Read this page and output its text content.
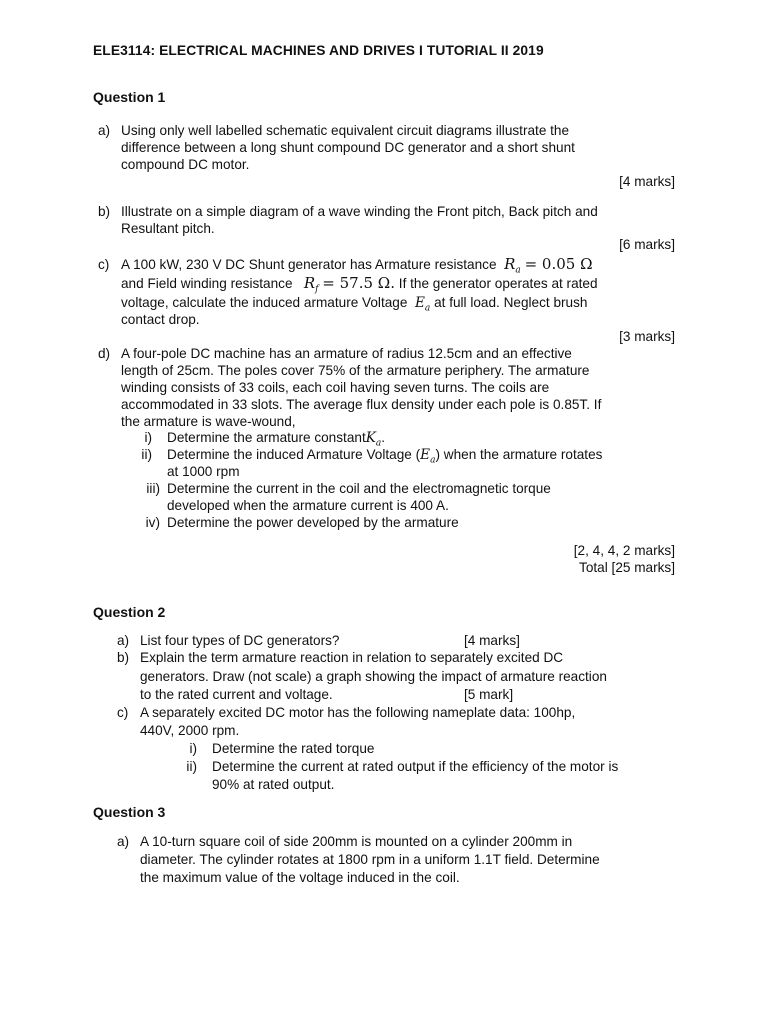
ELE3114: ELECTRICAL MACHINES AND DRIVES I TUTORIAL II 2019
Question 1
a) Using only well labelled schematic equivalent circuit diagrams illustrate the
difference between a long shunt compound DC generator and a short shunt
compound DC motor.
[4 marks]
b) Illustrate on a simple diagram of a wave winding the Front pitch, Back pitch and
Resultant pitch.
[6 marks]
c) A 100 kW, 230 V DC Shunt generator has Armature resistance $R_a = 0.05$ Ω
and Field winding resistance $R_f = 57.5$ Ω. If the generator operates at rated
voltage, calculate the induced armature Voltage $E_a$ at full load. Neglect brush
contact drop.
[3 marks]
d) A four-pole DC machine has an armature of radius 12.5cm and an effective
length of 25cm. The poles cover 75% of the armature periphery. The armature
winding consists of 33 coils, each coil having seven turns. The coils are
accommodated in 33 slots. The average flux density under each pole is 0.85T. If
the armature is wave-wound,
i) Determine the armature constantK$_a$.
ii) Determine the induced Armature Voltage $(E_a)$ when the armature rotates
at 1000 rpm
iii) Determine the current in the coil and the electromagnetic torque
developed when the armature current is 400 A.
iv) Determine the power developed by the armature
[2, 4, 4, 2 marks]
Total [25 marks]
Question 2
a) List four types of DC generators?	[4 marks]
b) Explain the term armature reaction in relation to separately excited DC
generators. Draw (not scale) a graph showing the impact of armature reaction
to the rated current and voltage.	[5 mark]
c) A separately excited DC motor has the following nameplate data: 100hp,
440V, 2000 rpm.
i) Determine the rated torque
ii) Determine the current at rated output if the efficiency of the motor is
90% at rated output.
Question 3
a) A 10-turn square coil of side 200mm is mounted on a cylinder 200mm in
diameter. The cylinder rotates at 1800 rpm in a uniform 1.1T field. Determine
the maximum value of the voltage induced in the coil.
